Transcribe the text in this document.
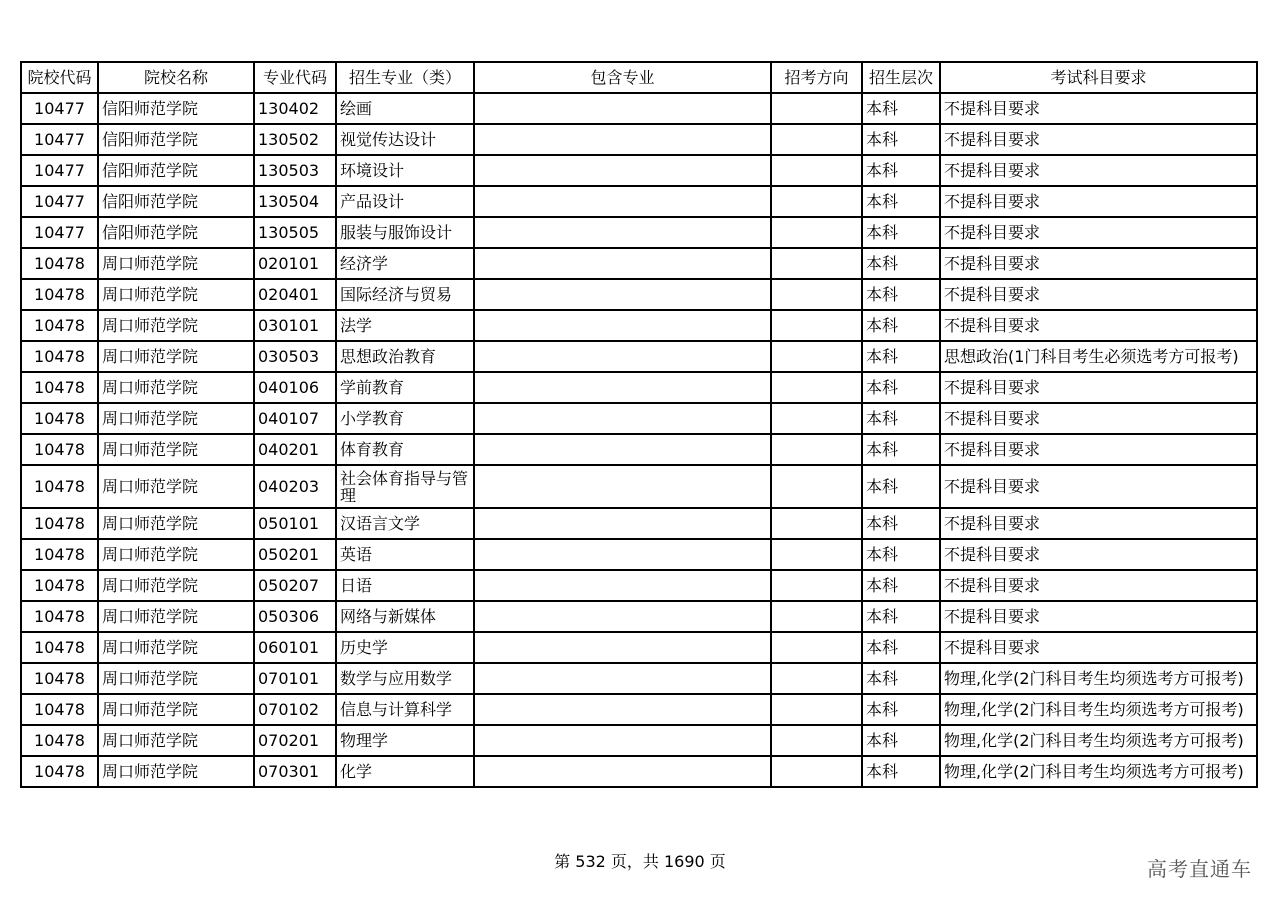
院校代码	院校名称	专业代码	招生专业（类）	包含专业	招考方向	招生层次	考试科目要求
10477	信阳师范学院	130402	绘画			本科	不提科目要求
10477	信阳师范学院	130502	视觉传达设计			本科	不提科目要求
10477	信阳师范学院	130503	环境设计			本科	不提科目要求
10477	信阳师范学院	130504	产品设计			本科	不提科目要求
10477	信阳师范学院	130505	服装与服饰设计			本科	不提科目要求
10478	周口师范学院	020101	经济学			本科	不提科目要求
10478	周口师范学院	020401	国际经济与贸易			本科	不提科目要求
10478	周口师范学院	030101	法学			本科	不提科目要求
10478	周口师范学院	030503	思想政治教育			本科	思想政治(1门科目考生必须选考方可报考)
10478	周口师范学院	040106	学前教育			本科	不提科目要求
10478	周口师范学院	040107	小学教育			本科	不提科目要求
10478	周口师范学院	040201	体育教育			本科	不提科目要求
10478	周口师范学院	040203	社会体育指导与管理			本科	不提科目要求
10478	周口师范学院	050101	汉语言文学			本科	不提科目要求
10478	周口师范学院	050201	英语			本科	不提科目要求
10478	周口师范学院	050207	日语			本科	不提科目要求
10478	周口师范学院	050306	网络与新媒体			本科	不提科目要求
10478	周口师范学院	060101	历史学			本科	不提科目要求
10478	周口师范学院	070101	数学与应用数学			本科	物理,化学(2门科目考生均须选考方可报考)
10478	周口师范学院	070102	信息与计算科学			本科	物理,化学(2门科目考生均须选考方可报考)
10478	周口师范学院	070201	物理学			本科	物理,化学(2门科目考生均须选考方可报考)
10478	周口师范学院	070301	化学			本科	物理,化学(2门科目考生均须选考方可报考)
第 532 页，共 1690 页	高考直通车
